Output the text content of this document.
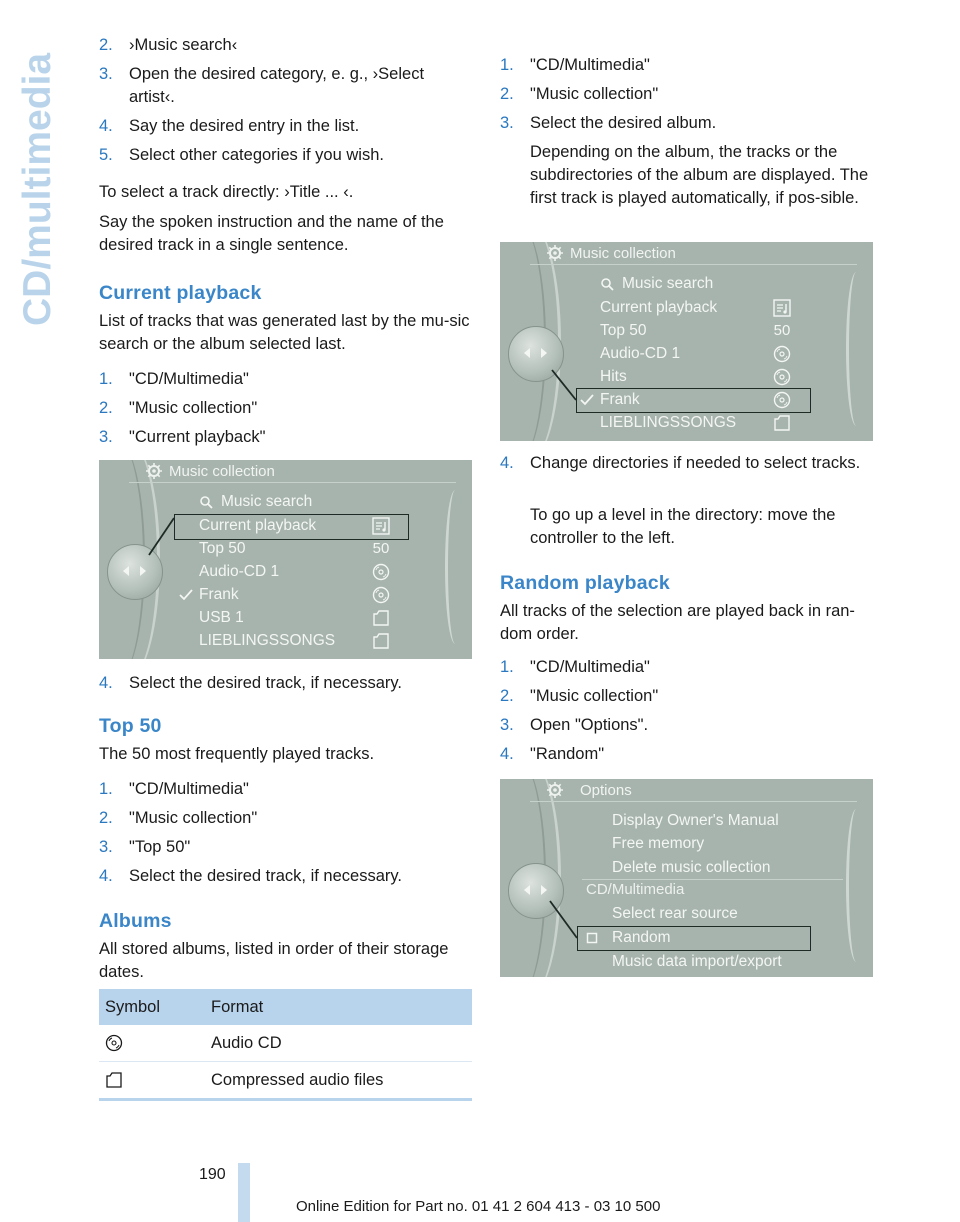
CD/multimedia
2. ›Music search‹
3. Open the desired category, e. g., ›Select artist‹.
4. Say the desired entry in the list.
5. Select other categories if you wish.
To select a track directly: ›Title ... ‹.
Say the spoken instruction and the name of the desired track in a single sentence.
Current playback
List of tracks that was generated last by the mu-sic search or the album selected last.
1. "CD/Multimedia"
2. "Music collection"
3. "Current playback"
Music collection
Music search
Current playback
Top 50	50
Audio-CD 1
Frank
USB 1
LIEBLINGSSONGS
4. Select the desired track, if necessary.
Top 50
The 50 most frequently played tracks.
1. "CD/Multimedia"
2. "Music collection"
3. "Top 50"
4. Select the desired track, if necessary.
Albums
All stored albums, listed in order of their storage dates.
Symbol	Format
	Audio CD
	Compressed audio files
1. "CD/Multimedia"
2. "Music collection"
3. Select the desired album.
Depending on the album, the tracks or the subdirectories of the album are displayed. The first track is played automatically, if pos-sible.
Music collection
Music search
Current playback
Top 50	50
Audio-CD 1
Hits
Frank
LIEBLINGSSONGS
4. Change directories if needed to select tracks.
To go up a level in the directory: move the controller to the left.
Random playback
All tracks of the selection are played back in ran-dom order.
1. "CD/Multimedia"
2. "Music collection"
3. Open "Options".
4. "Random"
Options
Display Owner's Manual
Free memory
Delete music collection
CD/Multimedia
Select rear source
Random
Music data import/export
190
Online Edition for Part no. 01 41 2 604 413 - 03 10 500
